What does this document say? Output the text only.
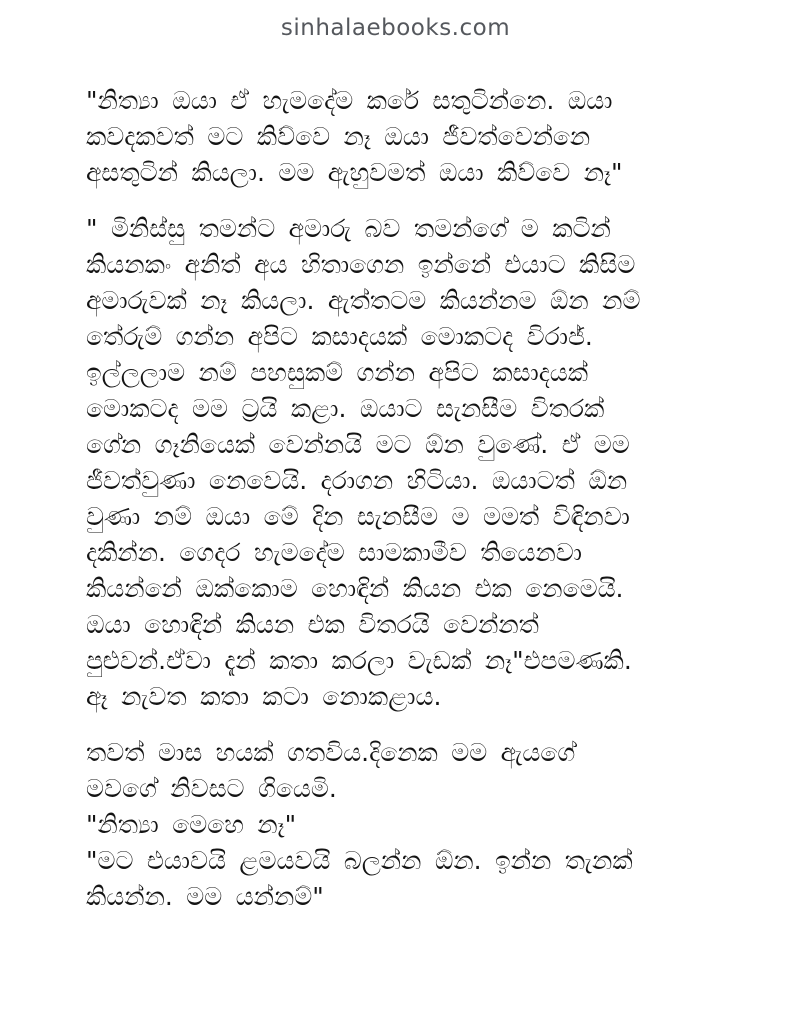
sinhalaebooks.com
"නිත්‍යා ඔයා ඒ හැමදේම කරේ සතුටින්නෙ. ඔයා
කවදකවත් මට කිව්වෙ නෑ ඔයා ජීවත්වෙන්නෙ
අසතුටින් කියලා. මම ඇහුවමත් ඔයා කිව්වෙ නෑ"
" මිනිස්සු තමන්ට අමාරු බව තමන්ගේ ම කටින්
කියනකං අනිත් අය හිතාගෙන ඉන්නේ එයාට කිසිම
අමාරුවක් නෑ කියලා. ඇත්තටම කියන්නම ඕන නම්
තේරුම් ගන්න අපිට කසාදයක් මොකටද විරාජ්.
ඉල්ලලාම නම් පහසුකම් ගන්න අපිට කසාදයක්
මොකටද මම ට්‍රයි කළා. ඔයාට සැනසීම විතරක්
ගේන ගෑනියෙක් වෙන්නයි මට ඕන වුණේ. ඒ මම
ජීවත්වුණා නෙවෙයි. දරාගන හිටියා. ඔයාටත් ඕන
වුණා නම් ඔයා මේ දින සැනසීම ම මමත් විඳිනවා
දකින්න. ගෙදර හැමදේම සාමකාමීව තියෙනවා
කියන්නේ ඔක්කොම හොඳින් කියන එක නෙමෙයි.
ඔයා හොඳින් කියන එක විතරයි වෙන්නත්
පුළුවන්.ඒවා දැන් කතා කරලා වැඩක් නෑ"එපමණකි.
ඈ නැවත කතා කටා නොකළාය.
තවත් මාස හයක් ගතවිය.දිනෙක මම ඇයගේ
මවගේ නිවසට ගියෙමි.
"නිත්‍යා මෙහෙ නෑ"
"මට එයාවයි ළමයවයි බලන්න ඕන. ඉන්න තැනක්
කියන්න. මම යන්නම්"
